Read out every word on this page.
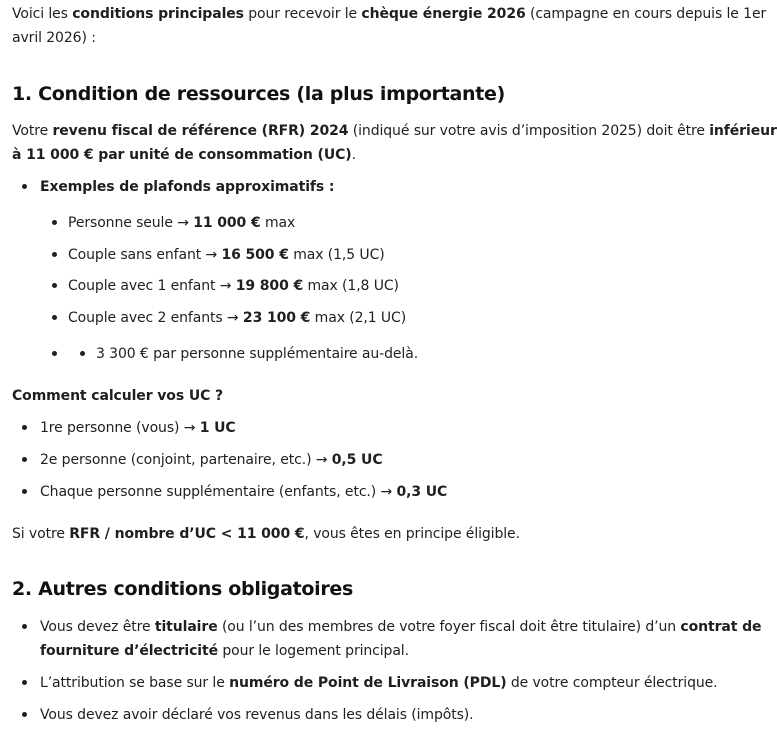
Voici les conditions principales pour recevoir le chèque énergie 2026 (campagne en cours depuis le 1er

avril 2026) :

1. Condition de ressources (la plus importante)

Votre revenu fiscal de référence (RFR) 2024 (indiqué sur votre avis d’imposition 2025) doit être inférieur

à 11 000 € par unité de consommation (UC).

Exemples de plafonds approximatifs :

Personne seule → 11 000 € max

Couple sans enfant → 16 500 € max (1,5 UC)

Couple avec 1 enfant → 19 800 € max (1,8 UC)

Couple avec 2 enfants → 23 100 € max (2,1 UC)

3 300 € par personne supplémentaire au-delà.

Comment calculer vos UC ?

1re personne (vous) → 1 UC

2e personne (conjoint, partenaire, etc.) → 0,5 UC

Chaque personne supplémentaire (enfants, etc.) → 0,3 UC

Si votre RFR / nombre d’UC < 11 000 €, vous êtes en principe éligible.

2. Autres conditions obligatoires

Vous devez être titulaire (ou l’un des membres de votre foyer fiscal doit être titulaire) d’un contrat de

fourniture d’électricité pour le logement principal.

L’attribution se base sur le numéro de Point de Livraison (PDL) de votre compteur électrique.

Vous devez avoir déclaré vos revenus dans les délais (impôts).
